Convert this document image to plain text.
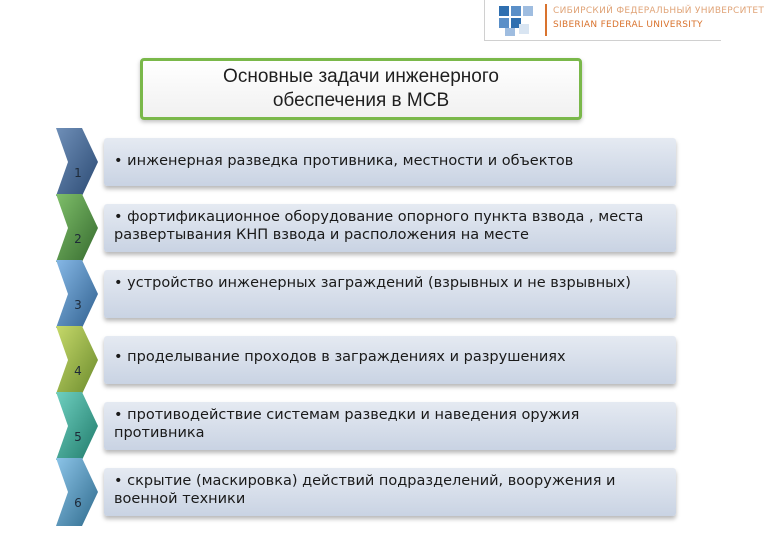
СИБИРСКИЙ ФЕДЕРАЛЬНЫЙ УНИВЕРСИТЕТ
SIBERIAN FEDERAL UNIVERSITY
Основные задачи инженерного обеспечения в МСВ
1
• инженерная разведка противника, местности и объектов
2
• фортификационное оборудование опорного пункта взвода , места развертывания КНП взвода и расположения на месте
3
• устройство инженерных заграждений (взрывных и не взрывных)
4
• проделывание проходов в заграждениях и разрушениях
5
• противодействие системам разведки и наведения оружия противника
6
• скрытие (маскировка) действий подразделений, вооружения и военной техники
